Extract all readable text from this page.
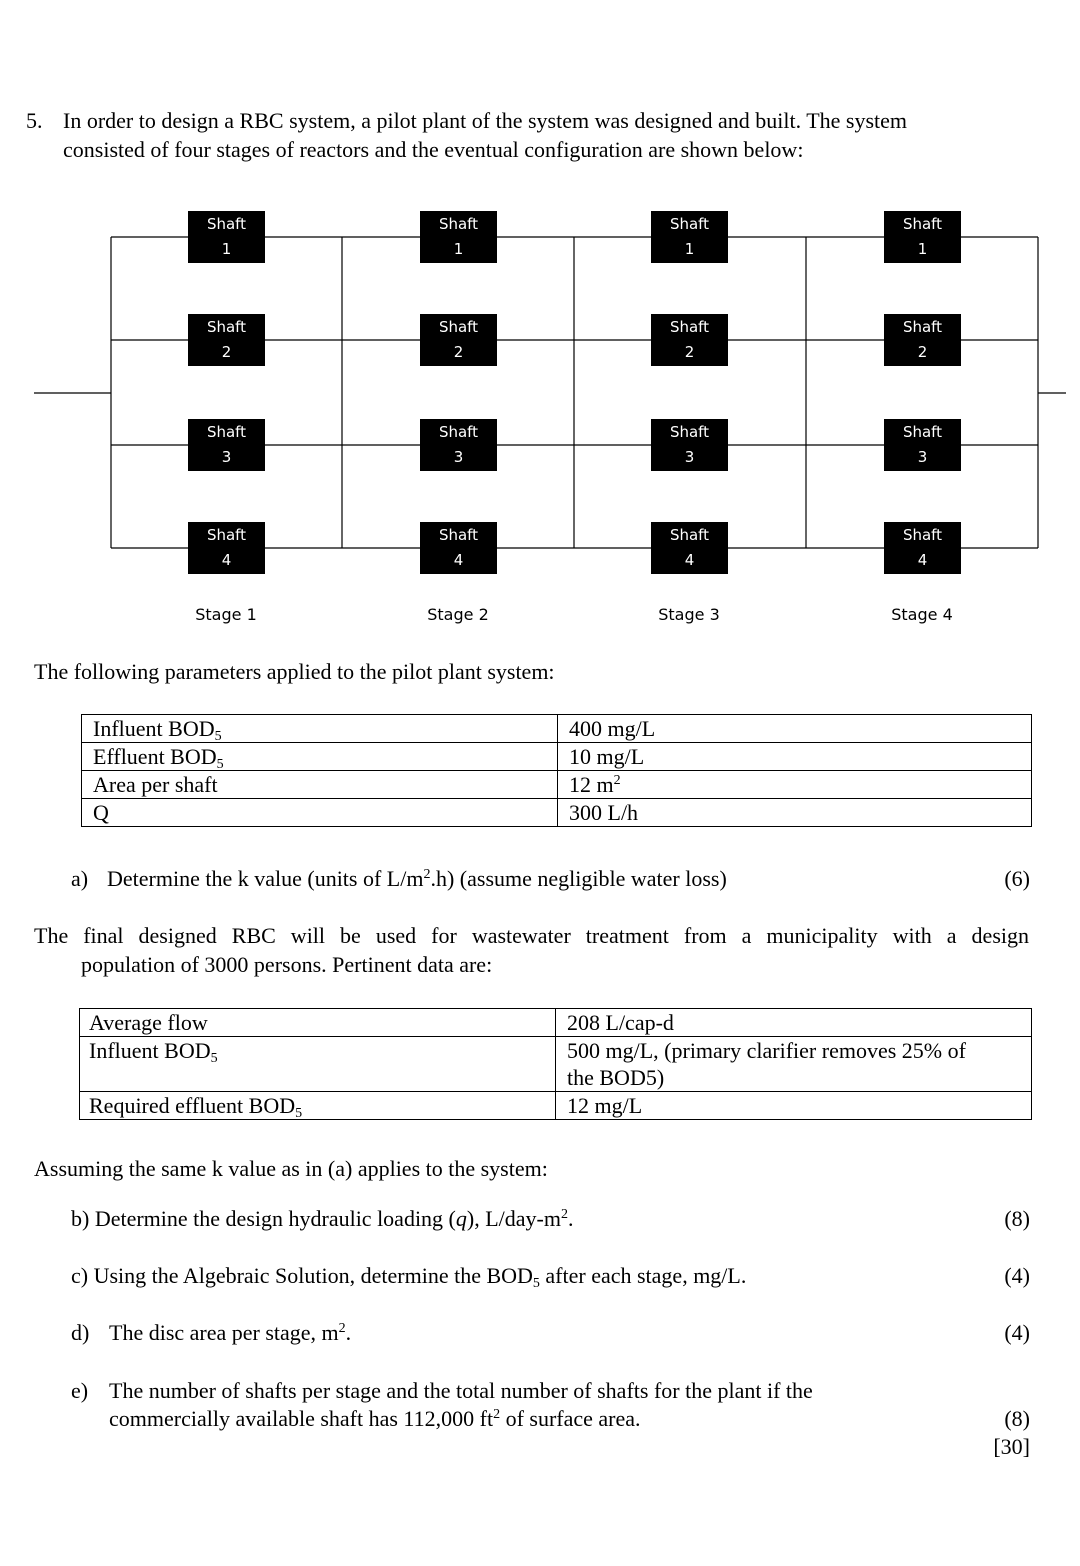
5. In order to design a RBC system, a pilot plant of the system was designed and built. The system
consisted of four stages of reactors and the eventual configuration are shown below:
Shaft
1
Shaft
2
Shaft
3
Shaft
4
Shaft
1
Shaft
2
Shaft
3
Shaft
4
Shaft
1
Shaft
2
Shaft
3
Shaft
4
Shaft
1
Shaft
2
Shaft
3
Shaft
4
Stage 1	Stage 2	Stage 3	Stage 4
The following parameters applied to the pilot plant system:
Influent $BOD_5$	400 mg/L
Effluent $BOD_5$	10 mg/L
Area per shaft	12 $m^2$
Q	300 L/h
a) Determine the k value (units of $L/m^2.h$) (assume negligible water loss)	(6)
The final designed RBC will be used for wastewater treatment from a municipality with a design
population of 3000 persons. Pertinent data are:
Average flow	208 L/cap-d
Influent $BOD_5$	500 mg/L, (primary clarifier removes 25% of
the BOD5)

Required effluent $BOD_5$	12 mg/L
Assuming the same k value as in (a) applies to the system:
b) Determine the design hydraulic loading (q), $L/day-m^2$.	(8)
c) Using the Algebraic Solution, determine the $BOD_5$ after each stage, mg/L.	(4)
d) The disc area per stage, $m^2$.	(4)
e) The number of shafts per stage and the total number of shafts for the plant if the
commercially available shaft has 112,000 $ft^2$ of surface area.	(8)
[30]
